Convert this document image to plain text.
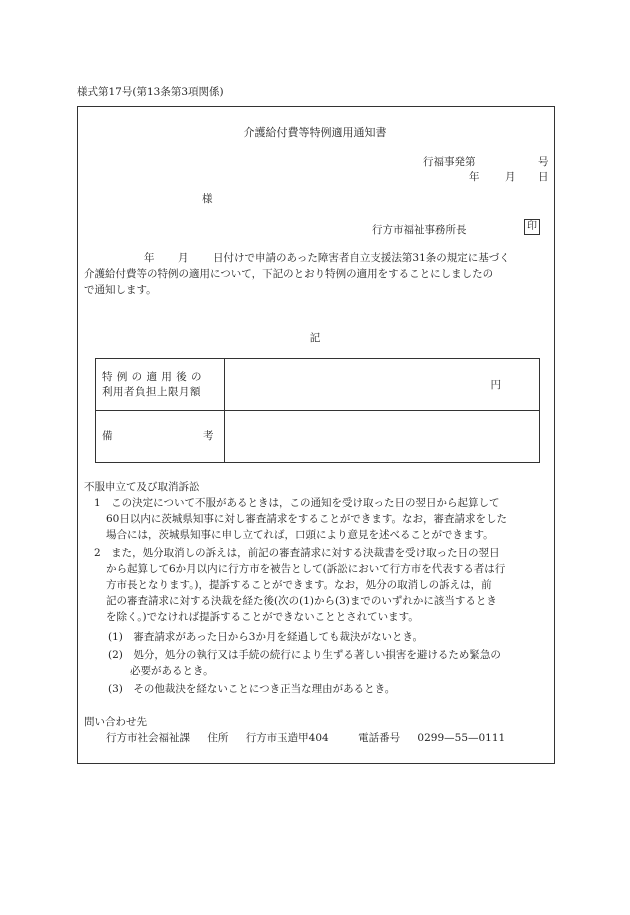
様式第17号(第13条第3項関係)
介護給付費等特例適用通知書
行福事発第	号
年 月 日
様
行方市福祉事務所長	印
年 月 日付けで申請のあった障害者自立支援法第31条の規定に基づく
介護給付費等の特例の適用について，下記のとおり特例の適用をすることにしましたの
で通知します。
記
特 例 の 適 用 後 の
利用者負担上限月額	円

備 考	

不服申立て及び取消訴訟
1　この決定について不服があるときは，この通知を受け取った日の翌日から起算して
60日以内に茨城県知事に対し審査請求をすることができます。なお，審査請求をした
場合には，茨城県知事に申し立てれば，口頭により意見を述べることができます。
2　また，処分取消しの訴えは，前記の審査請求に対する決裁書を受け取った日の翌日
から起算して6か月以内に行方市を被告として(訴訟において行方市を代表する者は行
方市長となります。)，提訴することができます。なお，処分の取消しの訴えは，前
記の審査請求に対する決裁を経た後(次の(1)から(3)までのいずれかに該当するとき
を除く。)でなければ提訴することができないこととされています。
(1)　審査請求があった日から3か月を経過しても裁決がないとき。
(2)　処分，処分の執行又は手続の続行により生ずる著しい損害を避けるため緊急の
必要があるとき。
(3)　その他裁決を経ないことにつき正当な理由があるとき。
問い合わせ先
行方市社会福祉課 住所 行方市玉造甲404	電話番号 0299—55—0111
